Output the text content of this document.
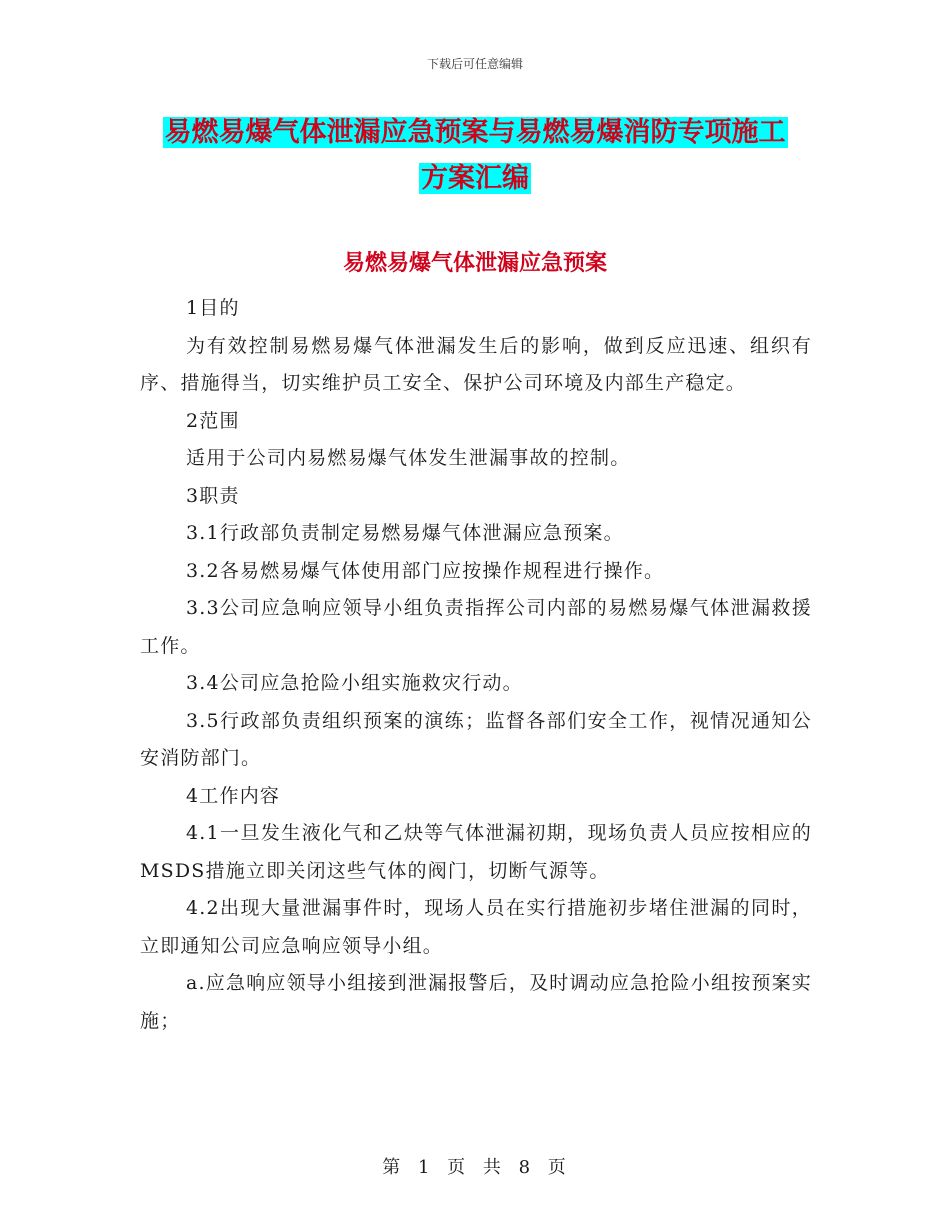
下载后可任意编辑
易燃易爆气体泄漏应急预案与易燃易爆消防专项施工
方案汇编
易燃易爆气体泄漏应急预案

1目的

为有效控制易燃易爆气体泄漏发生后的影响，做到反应迅速、组织有序、措施得当，切实维护员工安全、保护公司环境及内部生产稳定。

2范围

适用于公司内易燃易爆气体发生泄漏事故的控制。

3职责

3.1行政部负责制定易燃易爆气体泄漏应急预案。

3.2各易燃易爆气体使用部门应按操作规程进行操作。

3.3公司应急响应领导小组负责指挥公司内部的易燃易爆气体泄漏救援工作。

3.4公司应急抢险小组实施救灾行动。

3.5行政部负责组织预案的演练；监督各部们安全工作，视情况通知公安消防部门。

4工作内容

4.1一旦发生液化气和乙炔等气体泄漏初期，现场负责人员应按相应的MSDS措施立即关闭这些气体的阀门，切断气源等。

4.2出现大量泄漏事件时，现场人员在实行措施初步堵住泄漏的同时，立即通知公司应急响应领导小组。

a.应急响应领导小组接到泄漏报警后，及时调动应急抢险小组按预案实施；

第 1 页 共 8 页
